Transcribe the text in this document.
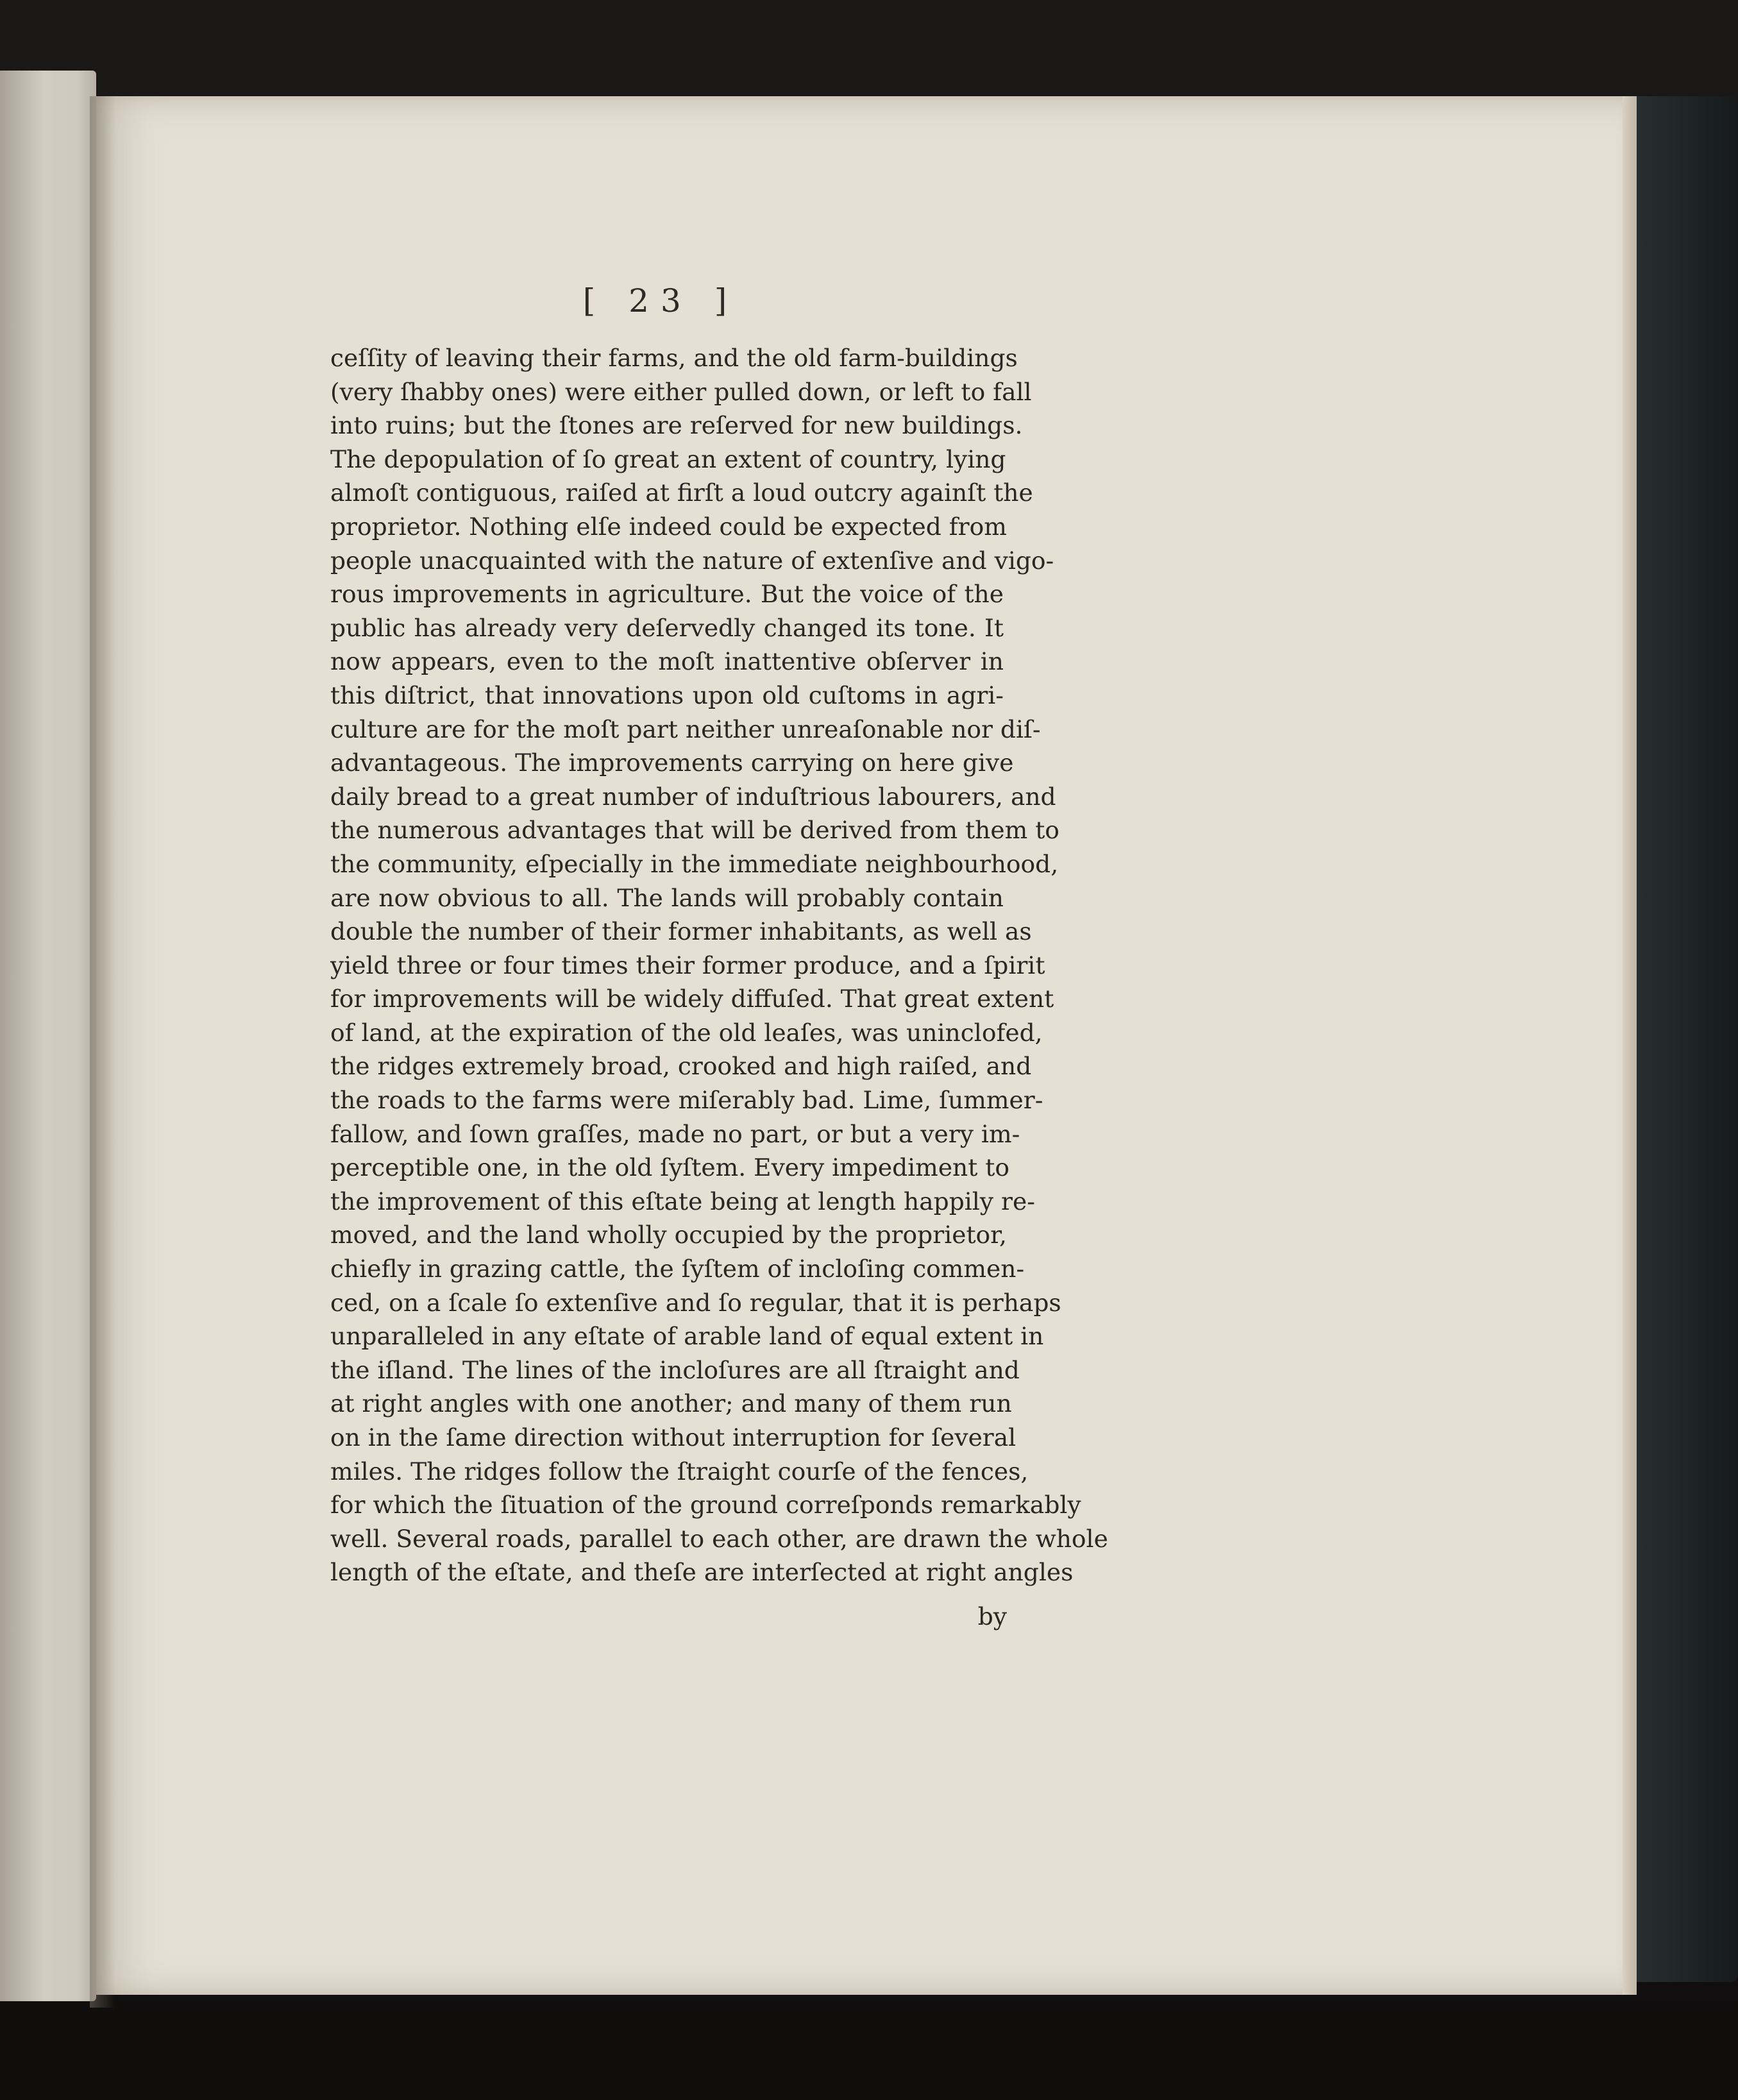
[ 23 ]
ceſſity of leaving their farms, and the old farm-buildings
(very ſhabby ones) were either pulled down, or left to fall
into ruins; but the ſtones are reſerved for new buildings.
The depopulation of ſo great an extent of country, lying
almoſt contiguous, raiſed at firſt a loud outcry againſt the
proprietor. Nothing elſe indeed could be expected from
people unacquainted with the nature of extenſive and vigo-
rous improvements in agriculture. But the voice of the
public has already very deſervedly changed its tone. It
now appears, even to the moſt inattentive obſerver in
this diſtrict, that innovations upon old cuſtoms in agri-
culture are for the moſt part neither unreaſonable nor diſ-
advantageous. The improvements carrying on here give
daily bread to a great number of induſtrious labourers, and
the numerous advantages that will be derived from them to
the community, eſpecially in the immediate neighbourhood,
are now obvious to all. The lands will probably contain
double the number of their former inhabitants, as well as
yield three or four times their former produce, and a ſpirit
for improvements will be widely diffuſed. That great extent
of land, at the expiration of the old leaſes, was uninclofed,
the ridges extremely broad, crooked and high raiſed, and
the roads to the farms were miſerably bad. Lime, ſummer-
fallow, and ſown graſſes, made no part, or but a very im-
perceptible one, in the old ſyſtem. Every impediment to
the improvement of this eſtate being at length happily re-
moved, and the land wholly occupied by the proprietor,
chiefly in grazing cattle, the ſyſtem of incloſing commen-
ced, on a ſcale ſo extenſive and ſo regular, that it is perhaps
unparalleled in any eſtate of arable land of equal extent in
the iſland. The lines of the incloſures are all ſtraight and
at right angles with one another; and many of them run
on in the ſame direction without interruption for ſeveral
miles. The ridges follow the ſtraight courſe of the fences,
for which the ſituation of the ground correſponds remarkably
well. Several roads, parallel to each other, are drawn the whole
length of the eſtate, and theſe are interſected at right angles
by
